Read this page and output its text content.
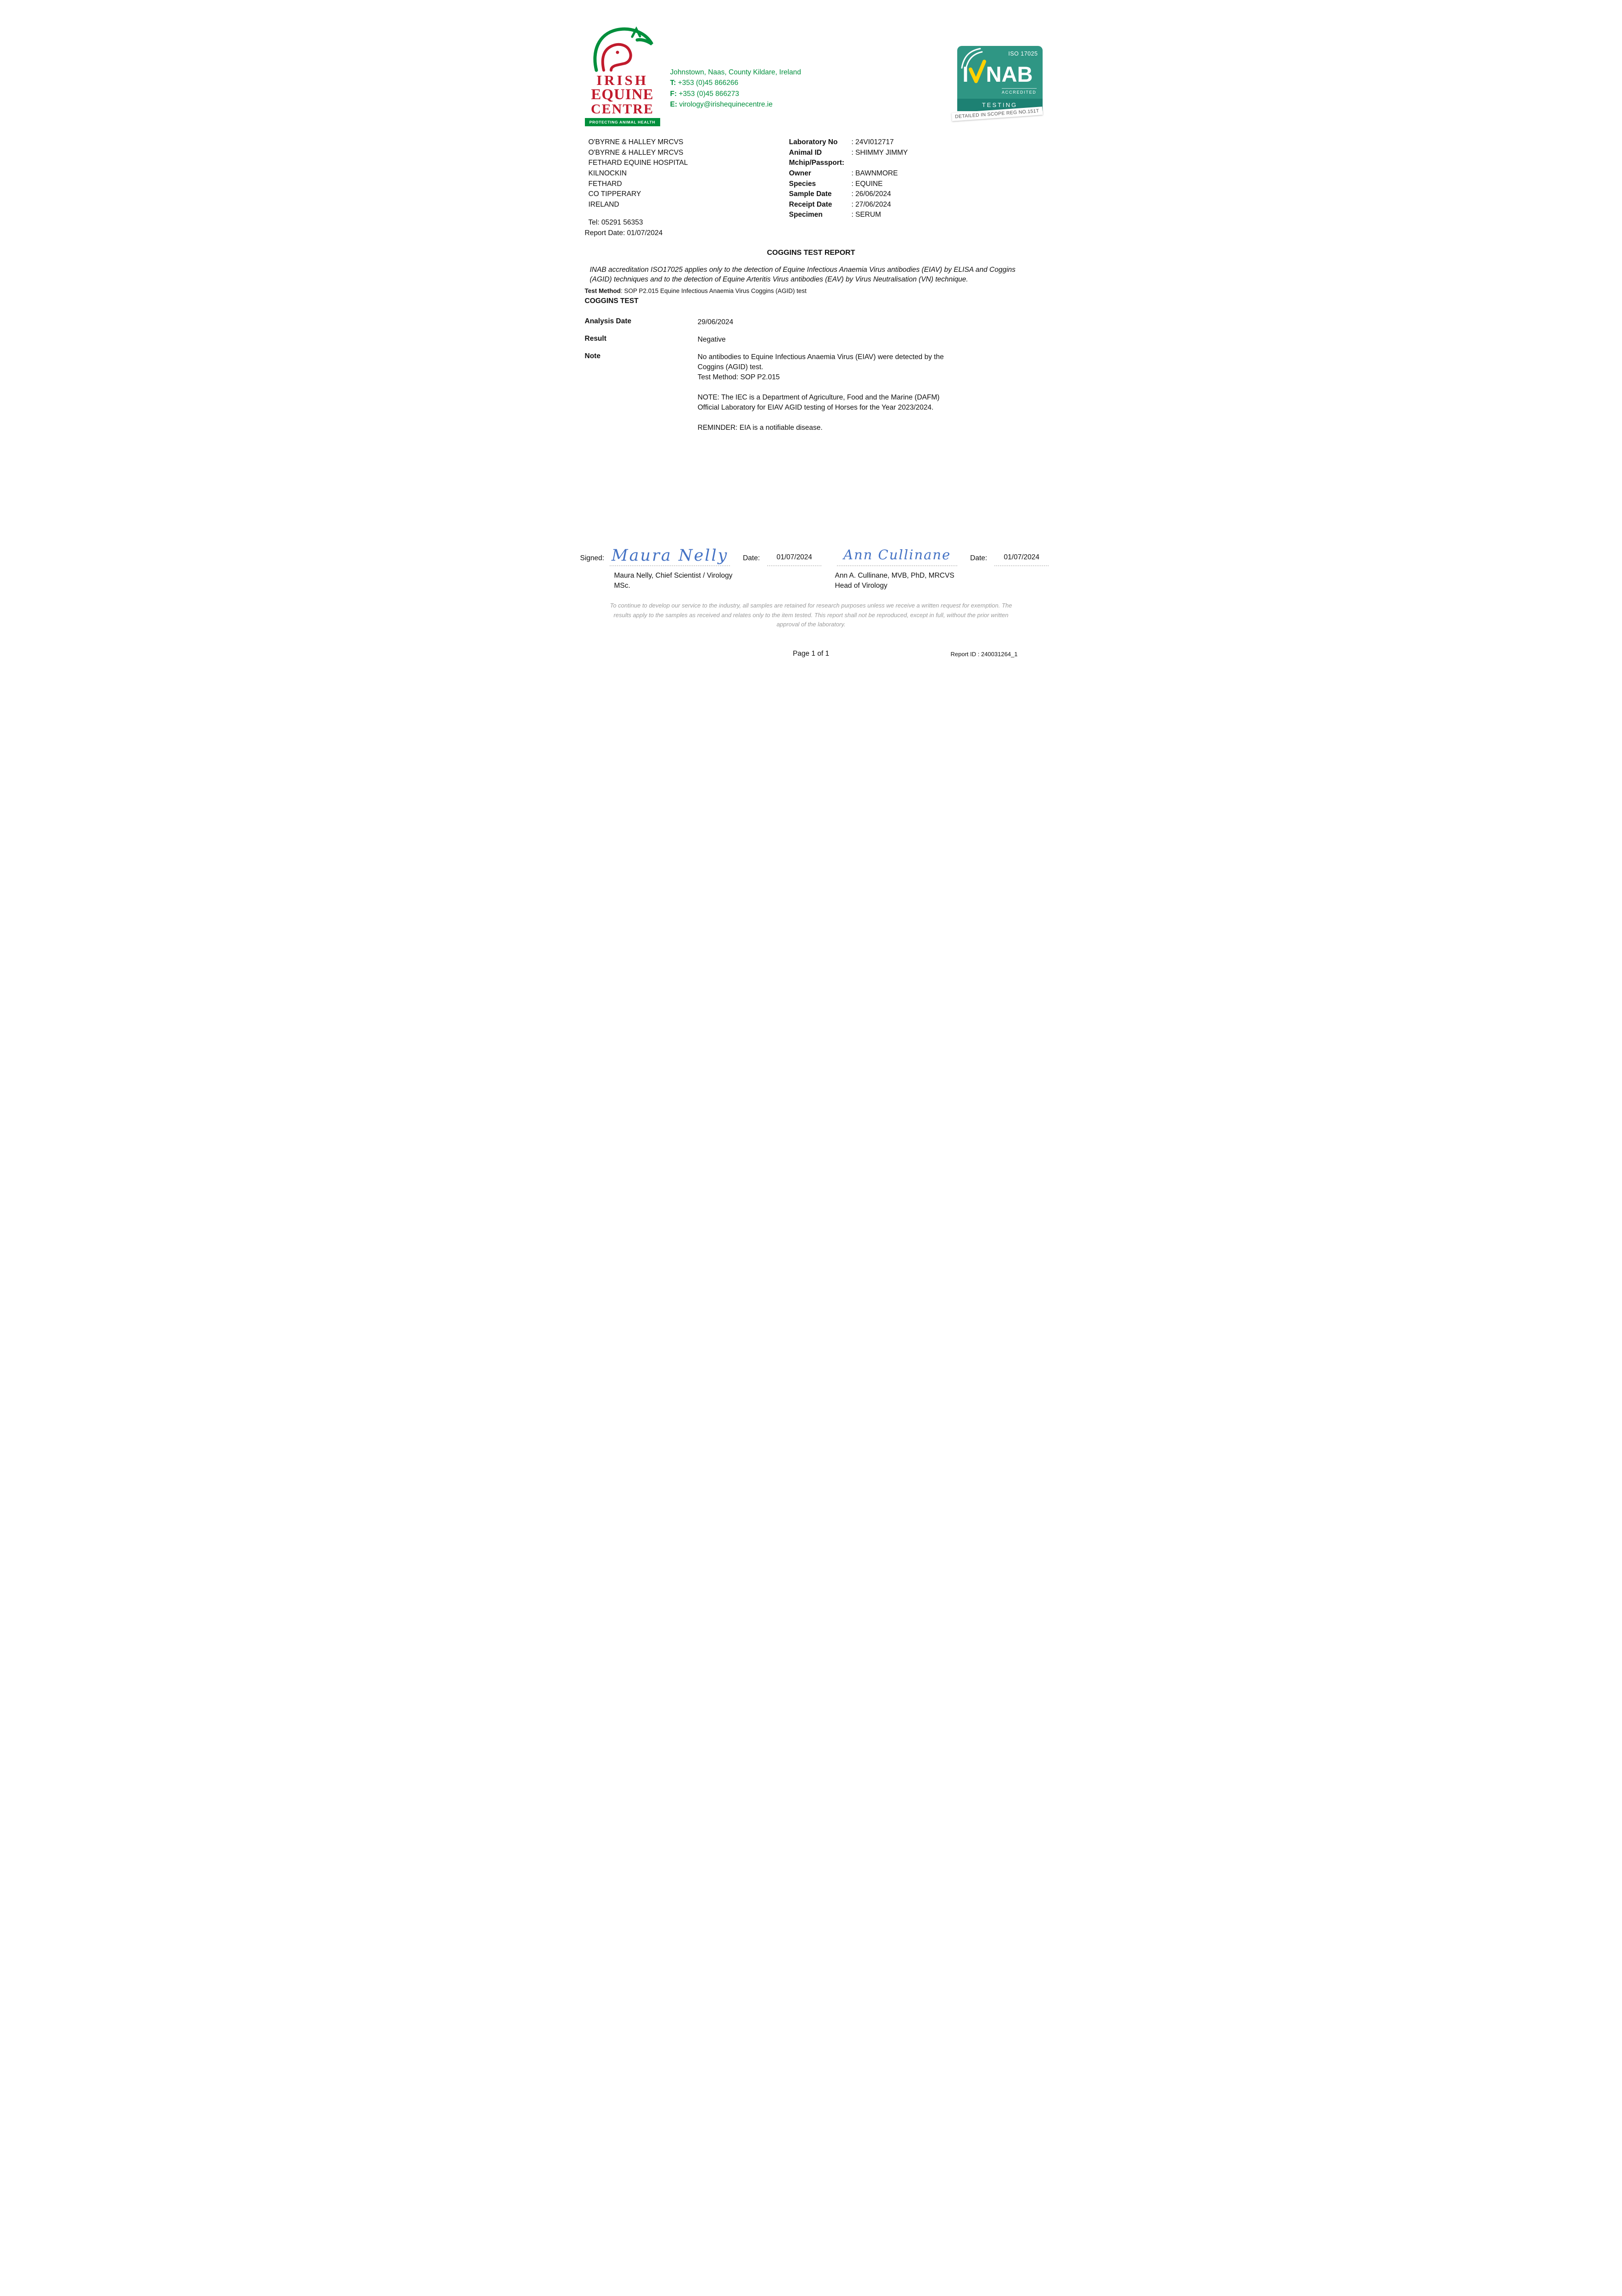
IRISH
EQUINE
CENTRE
PROTECTING ANIMAL HEALTH
Johnstown, Naas, County Kildare, Ireland
T: +353 (0)45 866266
F: +353 (0)45 866273
E: virology@irishequinecentre.ie
ISO 17025
I NAB
ACCREDITED
TESTING
DETAILED IN SCOPE REG NO.151T
O'BYRNE & HALLEY MRCVS
O'BYRNE & HALLEY MRCVS
FETHARD EQUINE HOSPITAL
KILNOCKIN
FETHARD
CO TIPPERARY
IRELAND
Tel: 05291 56353
Report Date: 01/07/2024
Laboratory No	: 24VI012717
Animal ID	: SHIMMY JIMMY
Mchip/Passport:
Owner	: BAWNMORE
Species	: EQUINE
Sample Date	: 26/06/2024
Receipt Date	: 27/06/2024
Specimen	: SERUM
COGGINS TEST REPORT

INAB accreditation ISO17025 applies only to the detection of Equine Infectious Anaemia Virus antibodies (EIAV) by ELISA and Coggins (AGID) techniques and to the detection of Equine Arteritis Virus antibodies (EAV) by Virus Neutralisation (VN) technique.

Test Method: SOP P2.015 Equine Infectious Anaemia Virus Coggins (AGID) test
COGGINS TEST
Analysis Date	29/06/2024
Result	Negative
Note	No antibodies to Equine Infectious Anaemia Virus (EIAV) were detected by the Coggins (AGID) test.

Test Method: SOP P2.015

NOTE: The IEC is a Department of Agriculture, Food and the Marine (DAFM) Official Laboratory for EIAV AGID testing of Horses for the Year 2023/2024.

REMINDER: EIA is a notifiable disease.

Signed: Maura Nelly Date:	01/07/2024	Ann Cullinane	Date:	01/07/2024
Maura Nelly, Chief Scientist / Virology
MSc.
Ann A. Cullinane, MVB, PhD, MRCVS
Head of Virology

To continue to develop our service to the industry, all samples are retained for research purposes unless we receive a written request for exemption. The results apply to the samples as received and relates only to the item tested. This report shall not be reproduced, except in full, without the prior written approval of the laboratory.

Page 1 of 1	Report ID : 240031264_1
